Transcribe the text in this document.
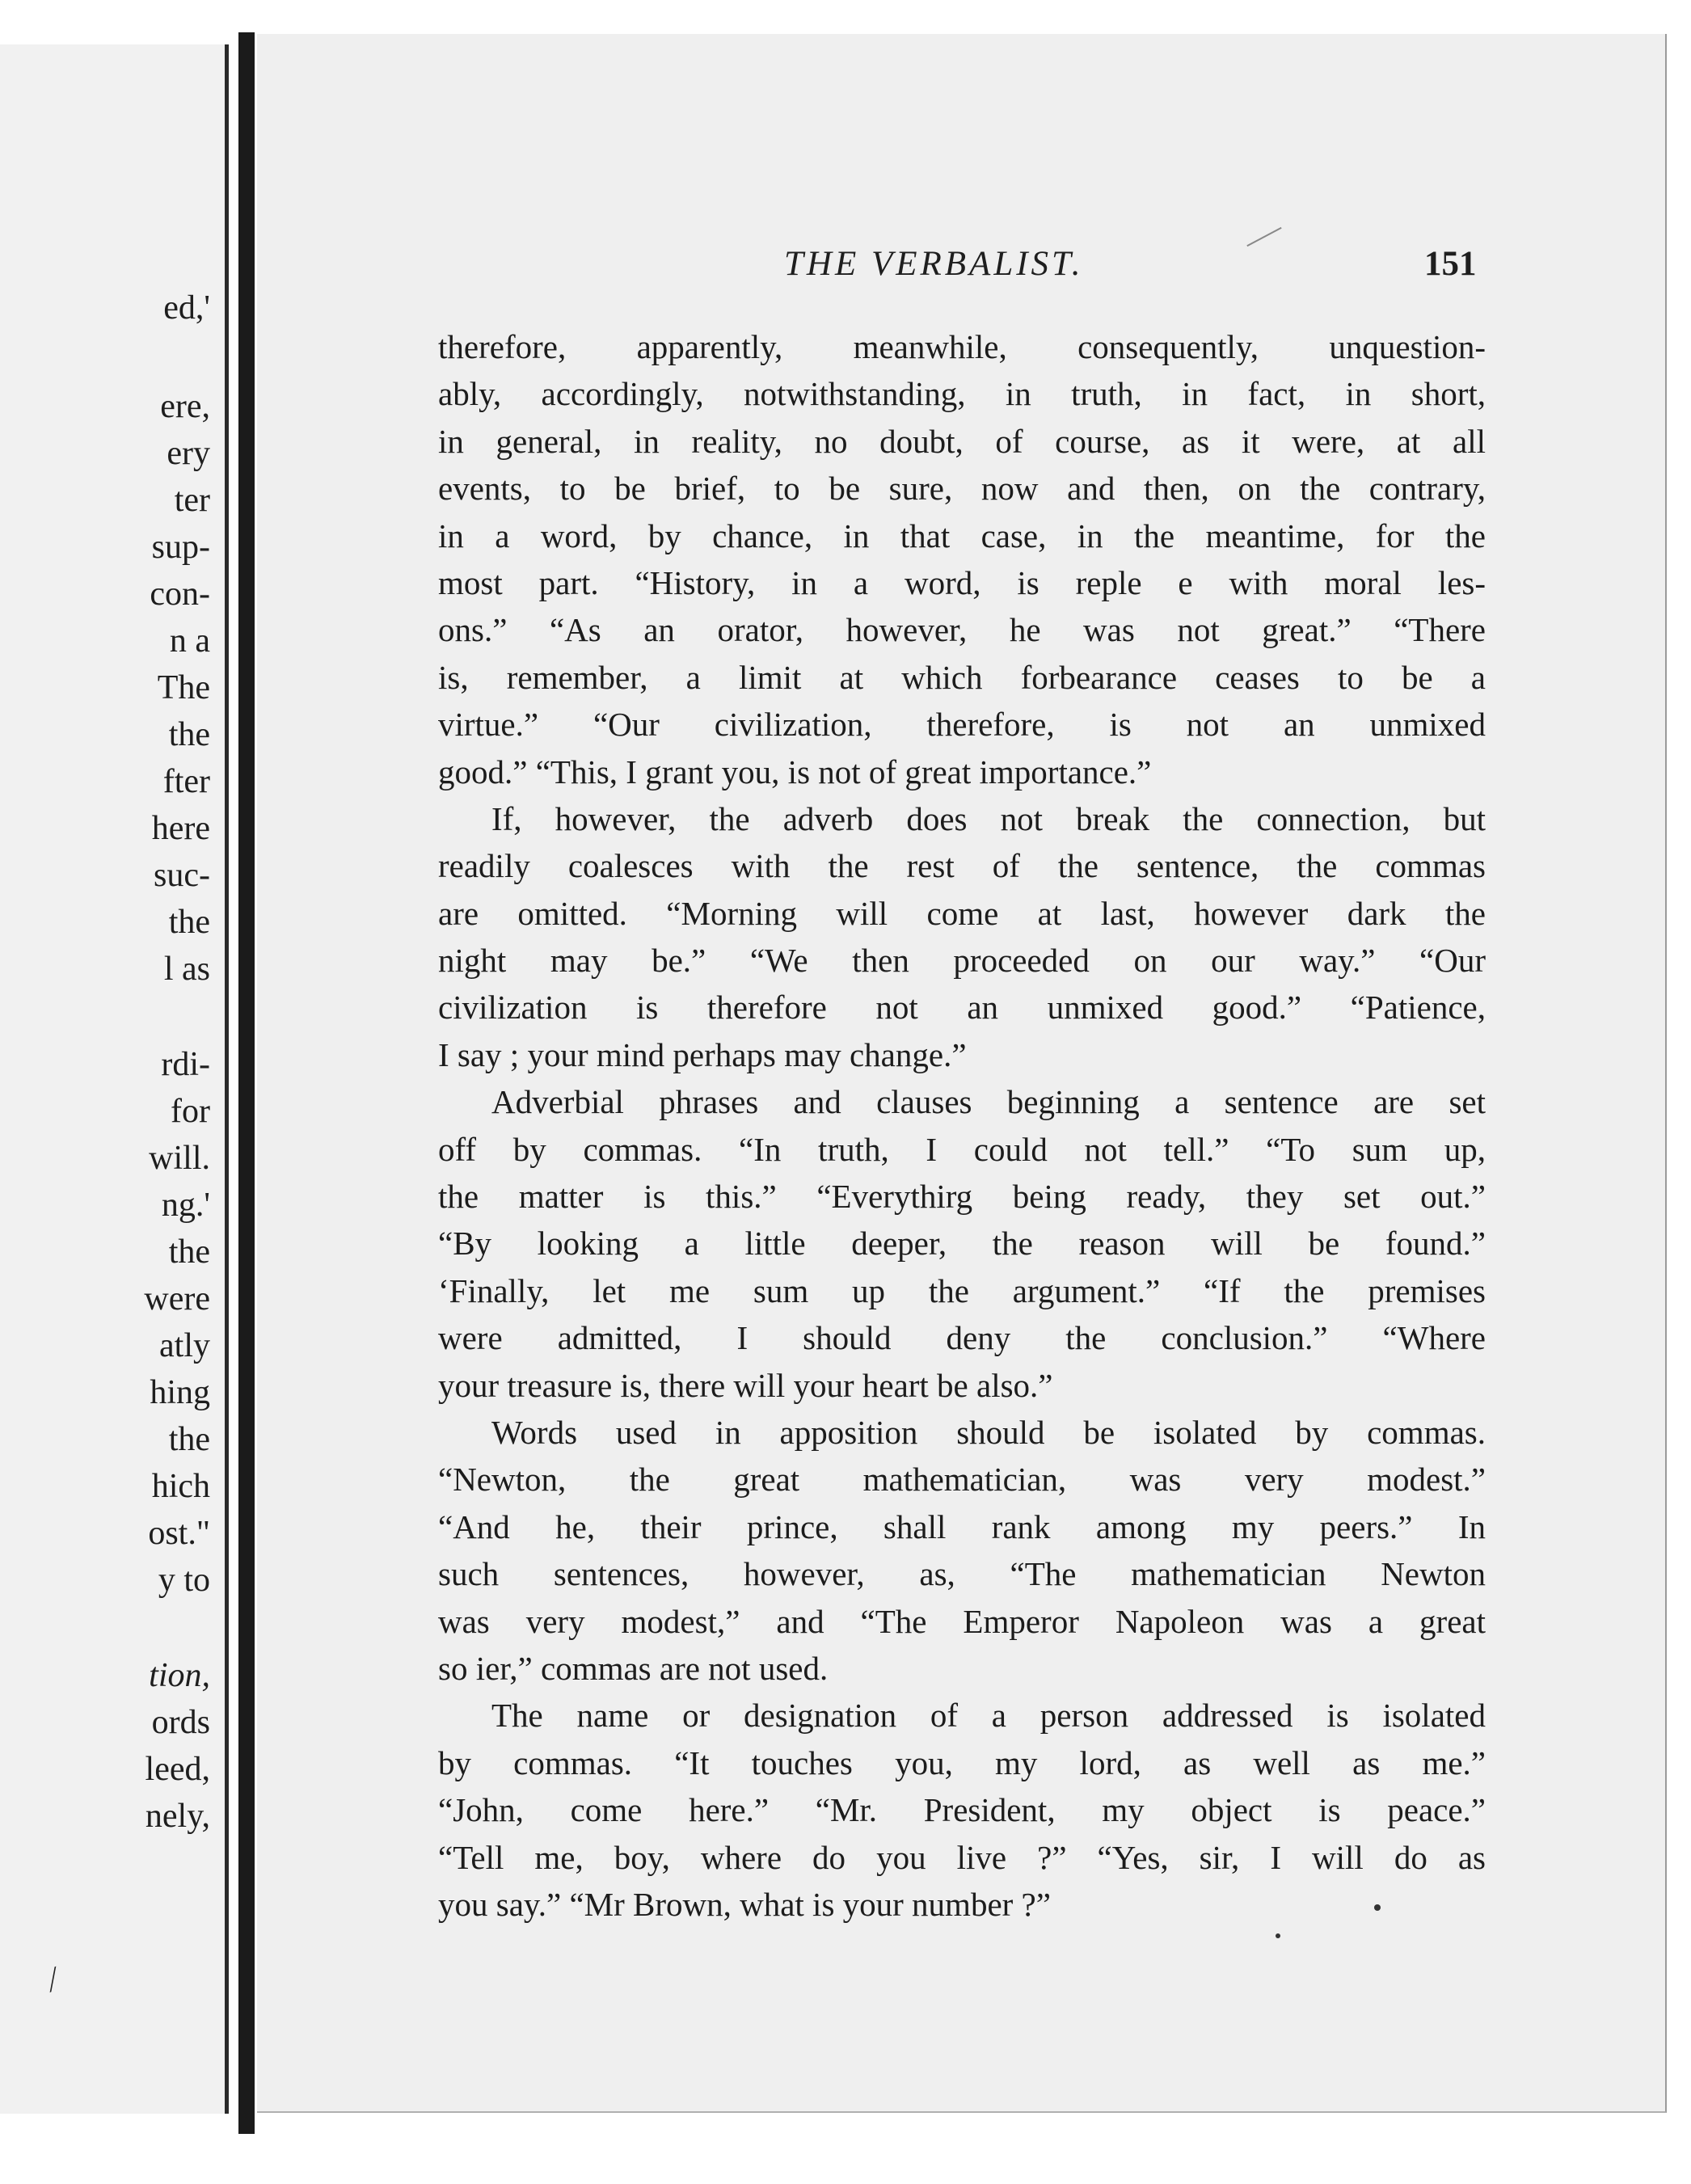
ed,'
ere,
ery
ter
sup-
con-
n a
The
the
fter
here
suc-
the
l as
rdi-
for
will.
ng.'
the
were
atly
hing
the
hich
ost."
y to
tion,
ords
leed,
nely,
⁄
THE VERBALIST.	151
therefore, apparently, meanwhile, consequently, unquestion-
ably, accordingly, notwithstanding, in truth, in fact, in short,
in general, in reality, no doubt, of course, as it were, at all
events, to be brief, to be sure, now and then, on the contrary,
in a word, by chance, in that case, in the meantime, for the
most part. “History, in a word, is reple e with moral les-
ons.” “As an orator, however, he was not great.” “There
is, remember, a limit at which forbearance ceases to be a
virtue.” “Our civilization, therefore, is not an unmixed
good.” “This, I grant you, is not of great importance.”
If, however, the adverb does not break the connection, but
readily coalesces with the rest of the sentence, the commas
are omitted. “Morning will come at last, however dark the
night may be.” “We then proceeded on our way.” “Our
civilization is therefore not an unmixed good.” “Patience,
I say ; your mind perhaps may change.”
Adverbial phrases and clauses beginning a sentence are set
off by commas. “In truth, I could not tell.” “To sum up,
the matter is this.” “Everythirg being ready, they set out.”
“By looking a little deeper, the reason will be found.”
‘Finally, let me sum up the argument.” “If the premises
were admitted, I should deny the conclusion.” “Where
your treasure is, there will your heart be also.”
Words used in apposition should be isolated by commas.
“Newton, the great mathematician, was very modest.”
“And he, their prince, shall rank among my peers.” In
such sentences, however, as, “The mathematician Newton
was very modest,” and “The Emperor Napoleon was a great
so ier,” commas are not used.
The name or designation of a person addressed is isolated
by commas. “It touches you, my lord, as well as me.”
“John, come here.” “Mr. President, my object is peace.”
“Tell me, boy, where do you live ?” “Yes, sir, I will do as
you say.” “Mr Brown, what is your number ?”
